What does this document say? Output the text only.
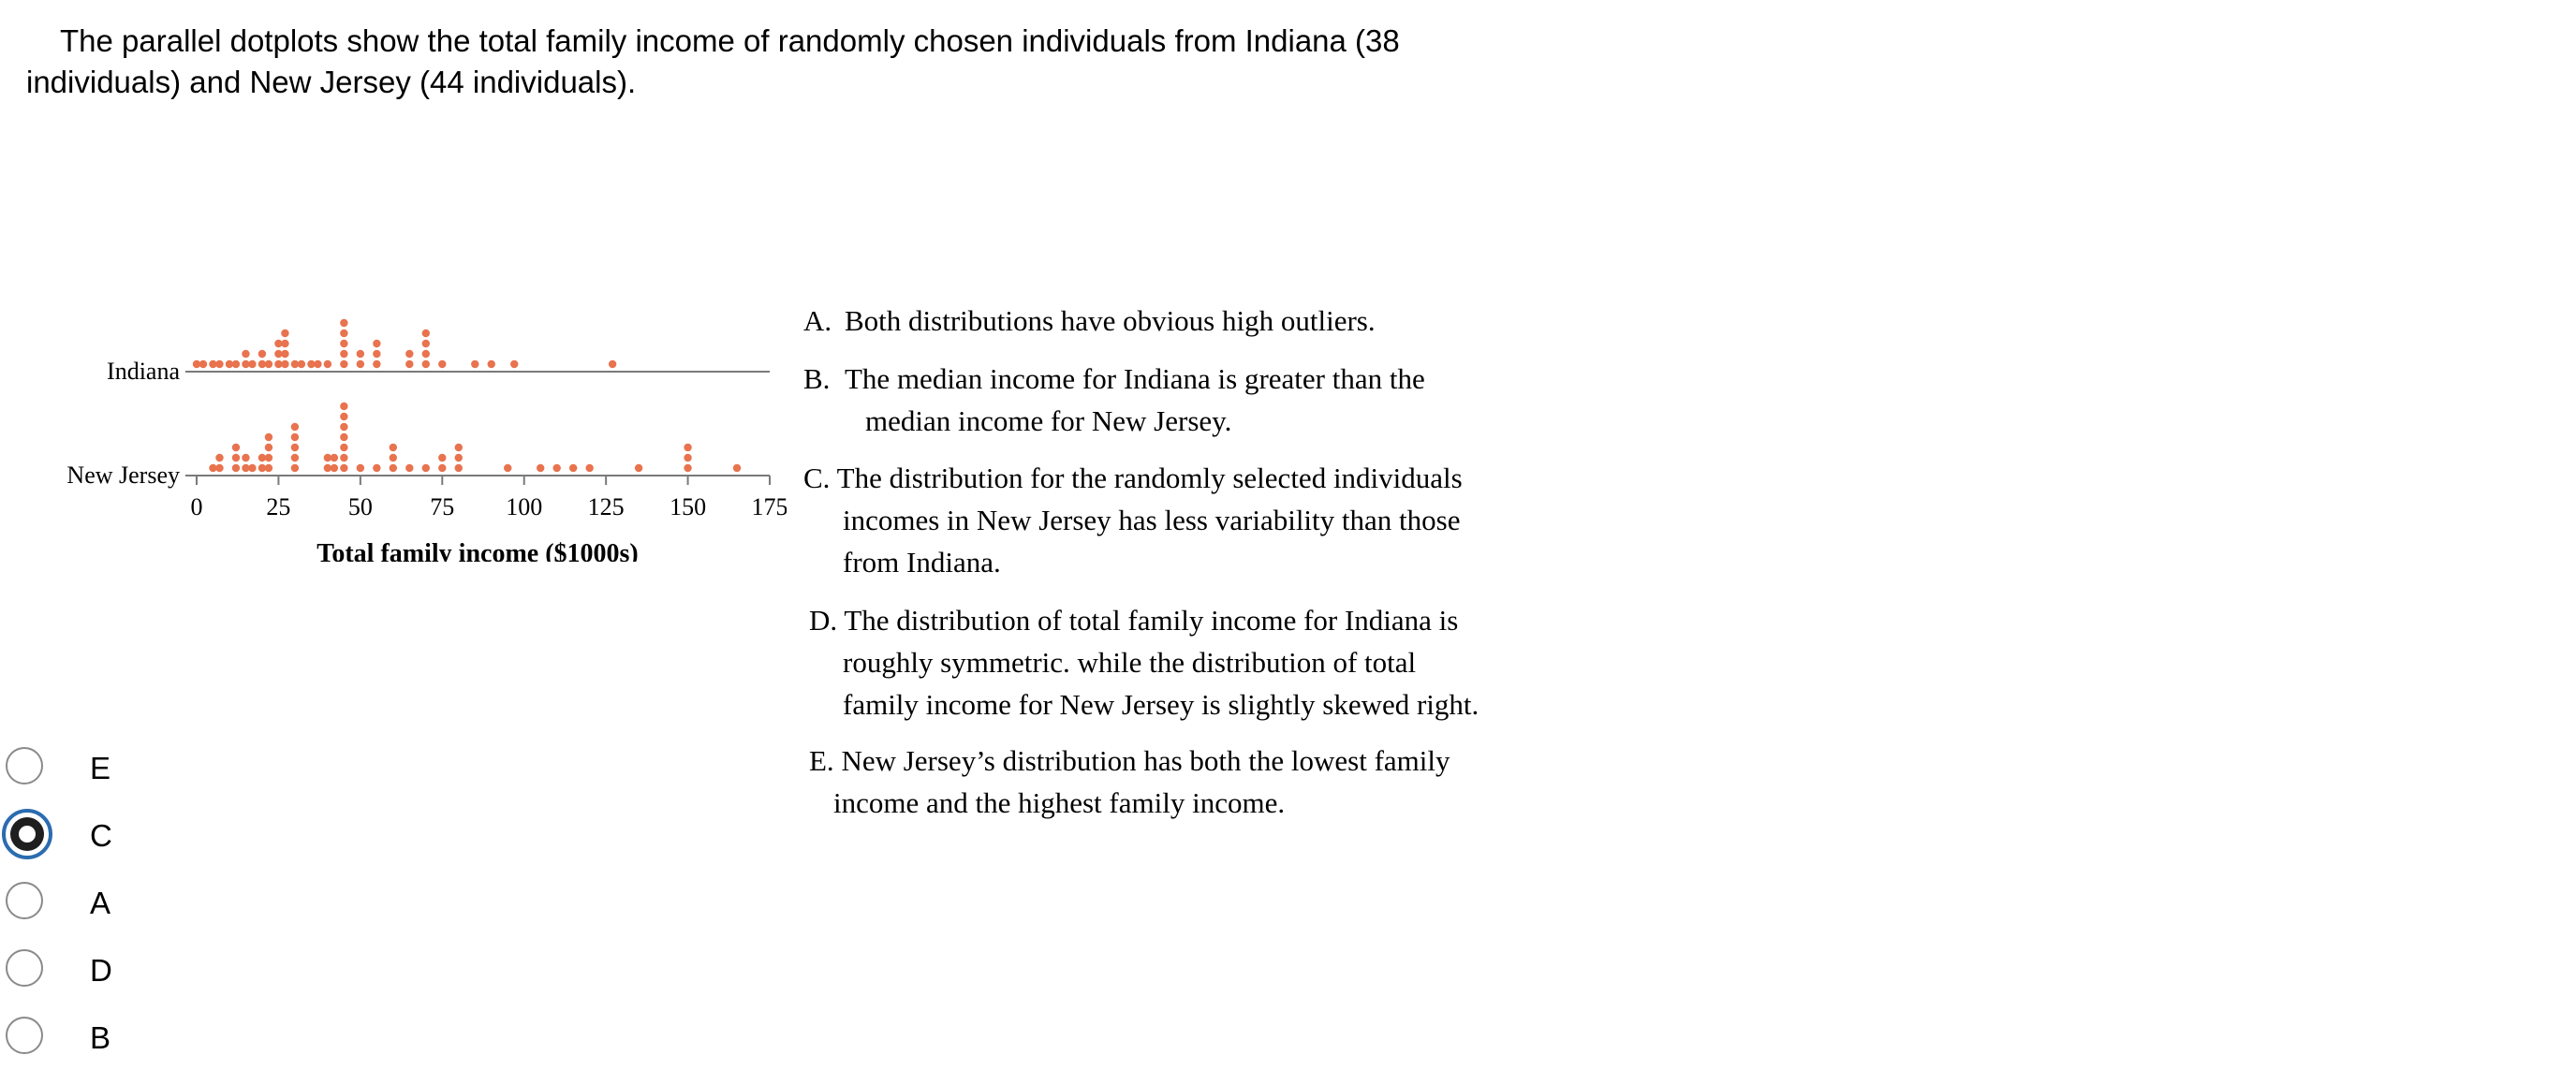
The parallel dotplots show the total family income of randomly chosen individuals from Indiana (38 individuals) and New Jersey (44 individuals).
Indiana
New Jersey
0	25 50 75 100 125 150 175
Total family income ($1000s)
A. Both distributions have obvious high outliers.
B. The median income for Indiana is greater than the
median income for New Jersey.
C. The distribution for the randomly selected individuals
incomes in New Jersey has less variability than those
from Indiana.
D. The distribution of total family income for Indiana is
roughly symmetric. while the distribution of total
family income for New Jersey is slightly skewed right.
E. New Jersey’s distribution has both the lowest family
income and the highest family income.
E
C
A
D
B
